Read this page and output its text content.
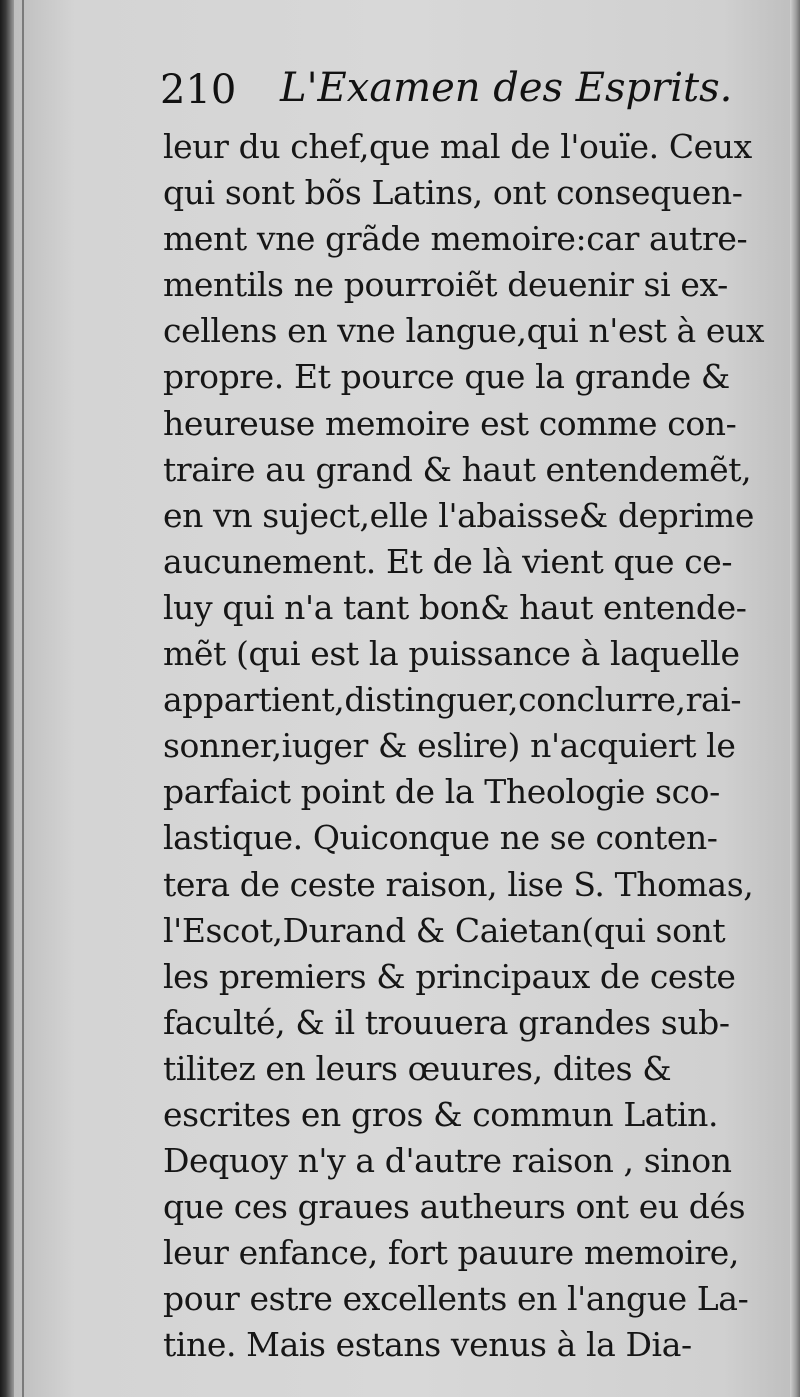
210 L'Examen des Esprits.
leur du chef,que mal de l'ouïe. Ceux
qui sont bõs Latins, ont consequen-
ment vne grãde memoire:car autre-
mentils ne pourroiẽt deuenir si ex-
cellens en vne langue,qui n'est à eux
propre. Et pource que la grande &
heureuse memoire est comme con-
traire au grand & haut entendemẽt,
en vn suject,elle l'abaisse& deprime
aucunement. Et de là vient que ce-
luy qui n'a tant bon& haut entende-
mẽt (qui est la puissance à laquelle
appartient,distinguer,conclurre,rai-
sonner,iuger & eslire) n'acquiert le
parfaict point de la Theologie sco-
lastique. Quiconque ne se conten-
tera de ceste raison, lise S. Thomas,
l'Escot,Durand & Caietan(qui sont
les premiers & principaux de ceste
faculté, & il trouuera grandes sub-
tilitez en leurs œuures, dites &
escrites en gros & commun Latin.
Dequoy n'y a d'autre raison , sinon
que ces graues autheurs ont eu dés
leur enfance, fort pauure memoire,
pour estre excellents en l'angue La-
tine. Mais estans venus à la Dia-
